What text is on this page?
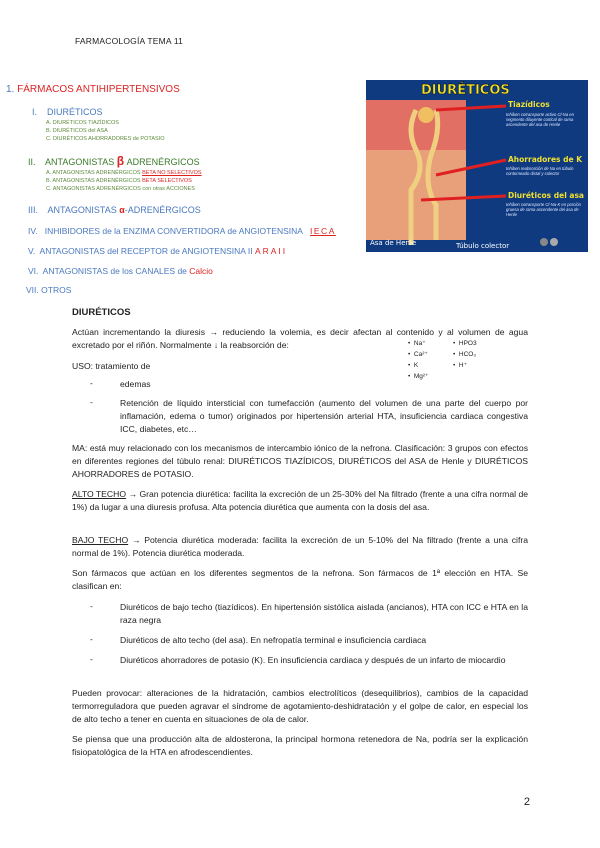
FARMACOLOGÍA TEMA 11
1. FÁRMACOS ANTIHIPERTENSIVOS
I. DIURÉTICOS
A. DIURÉTICOS TIAZÍDICOS
B. DIURÉTICOS del ASA
C. DIURÉTICOS AHORRADORES de POTASIO
II. ANTAGONISTAS β ADRENÉRGICOS
A. ANTAGONISTAS ADRENÉRGICOS BETA NO SELECTIVOS
B. ANTAGONISTAS ADRENÉRGICOS BETA SELECTIVOS
C. ANTAGONISTAS ADRENÉRGICOS con otras ACCIONES
III. ANTAGONISTAS α-ADRENÉRGICOS
IV. INHIBIDORES de la ENZIMA CONVERTIDORA de ANGIOTENSINA IECA
V. ANTAGONISTAS del RECEPTOR de ANGIOTENSINA II ARAII
VI. ANTAGONISTAS de los CANALES de Calcio
VII. OTROS
DIURÉTICOS
Tiazídicos
Ahorradores de K
Diuréticos del asa
Asa de Henle	Túbulo colector
Inhiben cotransporte activo Cl-Na en segmento diluyente cortical de rama ascendente del asa de Henle
Inhiben reabsorción de Na en túbulo contorneado distal y colector
Inhiben cotransporte Cl-Na-K en porción gruesa de rama ascendente del asa de Henle
DIURÉTICOS
Actúan incrementando la diuresis → reduciendo la volemia, es decir afectan al contenido y al volumen de agua excretado por el riñón. Normalmente ↓ la reabsorción de:	•  Na⁺
•  Ca²⁺
•  K
•  Mg²⁺
•  HPO3
•  HCO₃
•  H⁺
USO: tratamiento de
-	edemas
-	Retención de líquido intersticial con tumefacción (aumento del volumen de una parte del cuerpo por inflamación, edema o tumor) originados por hipertensión arterial HTA, insuficiencia cardiaca congestiva ICC, diabetes, etc…
MA: está muy relacionado con los mecanismos de intercambio iónico de la nefrona. Clasificación: 3 grupos con efectos en diferentes regiones del túbulo renal: DIURÉTICOS TIAZÍDICOS, DIURÉTICOS del ASA de Henle y DIURÉTICOS AHORRADORES de POTASIO.
ALTO TECHO → Gran potencia diurética: facilita la excreción de un 25-30% del Na filtrado (frente a una cifra normal de 1%) da lugar a una diuresis profusa. Alta potencia diurética que aumenta con la dosis del asa.
BAJO TECHO → Potencia diurética moderada: facilita la excreción de un 5-10% del Na filtrado (frente a una cifra normal de 1%). Potencia diurética moderada.
Son fármacos que actúan en los diferentes segmentos de la nefrona. Son fármacos de 1ª elección en HTA. Se clasifican en:
-	Diuréticos de bajo techo (tiazídicos). En hipertensión sistólica aislada (ancianos), HTA con ICC e HTA en la raza negra
-	Diuréticos de alto techo (del asa). En nefropatía terminal e insuficiencia cardiaca
-	Diuréticos ahorradores de potasio (K). En insuficiencia cardiaca y después de un infarto de miocardio
Pueden provocar: alteraciones de la hidratación, cambios electrolíticos (desequilibrios), cambios de la capacidad termorreguladora que pueden agravar el síndrome de agotamiento-deshidratación y el golpe de calor, en especial los de alto techo a tener en cuenta en situaciones de ola de calor.
Se piensa que una producción alta de aldosterona, la principal hormona retenedora de Na, podría ser la explicación fisiopatológica de la HTA en afrodescendientes.
2
